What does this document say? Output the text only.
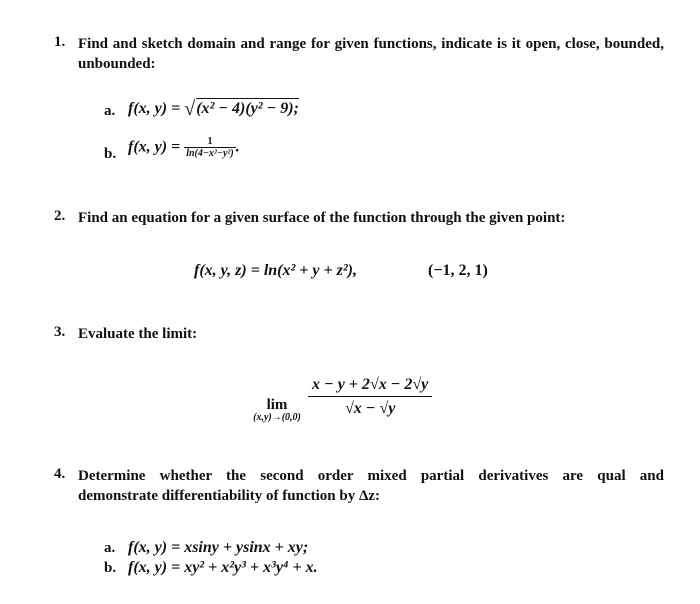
1. Find and sketch domain and range for given functions, indicate is it open, close, bounded,
unbounded:
a. f(x, y) = √(x² − 4)(y² − 9);
b. f(x, $y) = \frac{1}{\text{ln(4−x²−y²)}}$ .
2. Find an equation for a given surface of the function through the given point:
f(x, y, z) = ln(x² + y + z²),	(−1, 2, 1)
3. Evaluate the limit:
lim
$(x,y)\to(0,0) \frac{x - y + 2√x - 2√y}{√x - √y}$
4. Determine whether the second order mixed partial derivatives are qual and
demonstrate differentiability of function by Δz:
a. f(x, y) = xsiny + ysinx + xy;
b. f(x, y) = xy² + x²y³ + x³y⁴ + x.
